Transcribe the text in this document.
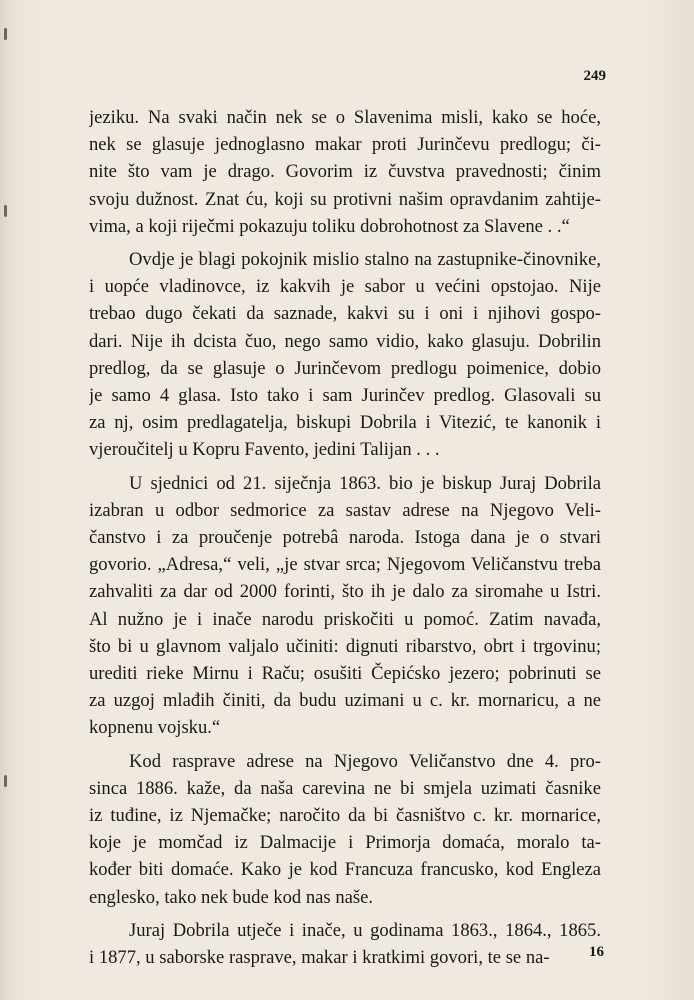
249
jeziku. Na svaki način nek se o Slavenima misli, kako se hoće,
nek se glasuje jednoglasno makar proti Jurinčevu predlogu; či-
nite što vam je drago. Govorim iz čuvstva pravednosti; činim
svoju dužnost. Znat ću, koji su protivni našim opravdanim zahtije-
vima, a koji riječmi pokazuju toliku dobrohotnost za Slavene . .“
Ovdje je blagi pokojnik mislio stalno na zastupnike-činovnike,
i uopće vladinovce, iz kakvih je sabor u većini opstojao. Nije
trebao dugo čekati da saznade, kakvi su i oni i njihovi gospo-
dari. Nije ih dcista čuo, nego samo vidio, kako glasuju. Dobrilin
predlog, da se glasuje o Jurinčevom predlogu poimenice, dobio
je samo 4 glasa. Isto tako i sam Jurinčev predlog. Glasovali su
za nj, osim predlagatelja, biskupi Dobrila i Vitezić, te kanonik i
vjeroučitelj u Kopru Favento, jedini Talijan . . .
U sjednici od 21. siječnja 1863. bio je biskup Juraj Dobrila
izabran u odbor sedmorice za sastav adrese na Njegovo Veli-
čanstvo i za proučenje potrebâ naroda. Istoga dana je o stvari
govorio. „Adresa,“ veli, „je stvar srca; Njegovom Veličanstvu treba
zahvaliti za dar od 2000 forinti, što ih je dalo za siromahe u Istri.
Al nužno je i inače narodu priskočiti u pomoć. Zatim navađa,
što bi u glavnom valjalo učiniti: dignuti ribarstvo, obrt i trgovinu;
urediti rieke Mirnu i Raču; osušiti Čepićsko jezero; pobrinuti se
za uzgoj mlađih činiti, da budu uzimani u c. kr. mornaricu, a ne
kopnenu vojsku.“
Kod rasprave adrese na Njegovo Veličanstvo dne 4. pro-
sinca 1886. kaže, da naša carevina ne bi smjela uzimati časnike
iz tuđine, iz Njemačke; naročito da bi časništvo c. kr. mornarice,
koje je momčad iz Dalmacije i Primorja domaća, moralo ta-
kođer biti domaće. Kako je kod Francuza francusko, kod Engleza
englesko, tako nek bude kod nas naše.
Juraj Dobrila utječe i inače, u godinama 1863., 1864., 1865.
i 1877, u saborske rasprave, makar i kratkimi govori, te se na-	16
